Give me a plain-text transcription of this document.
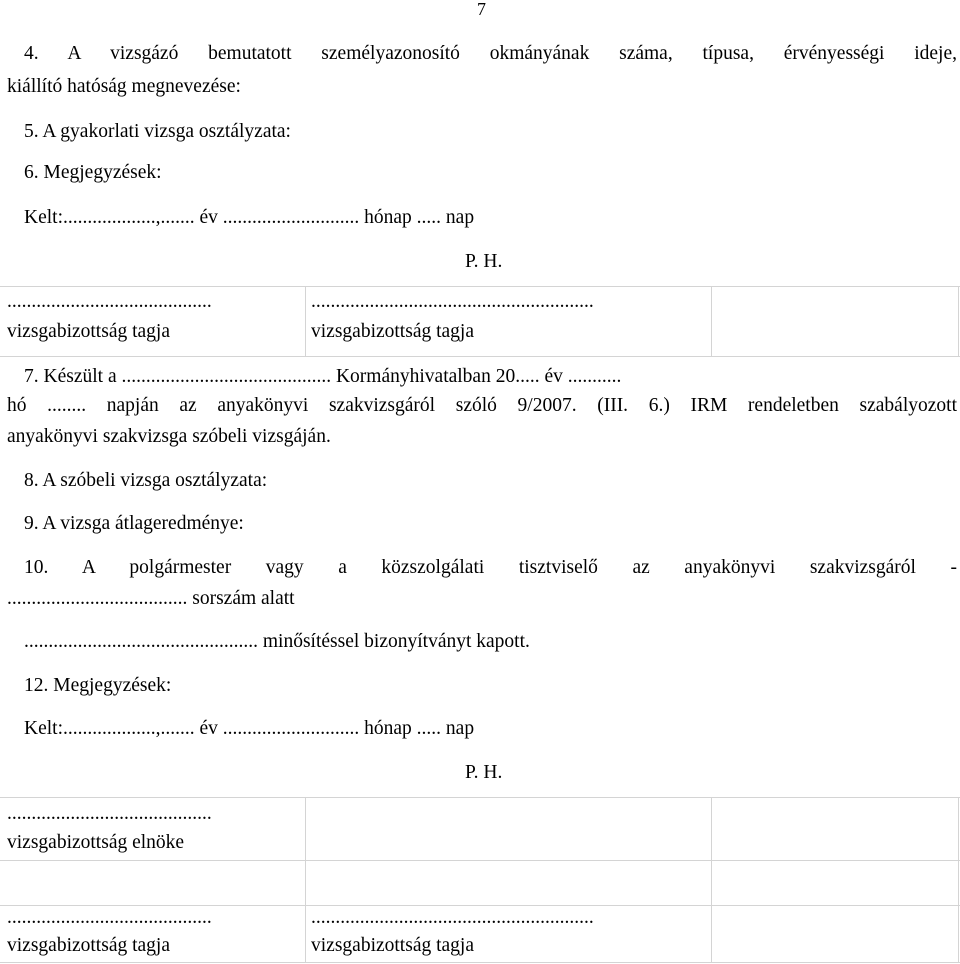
7
4. A vizsgázó bemutatott személyazonosító okmányának száma, típusa, érvényességi ideje,
kiállító hatóság megnevezése:
5. A gyakorlati vizsga osztályzata:
6. Megjegyzések:
Kelt:...................,....... év ............................ hónap ..... nap
P. H.
..........................................
vizsgabizottság tagja
..........................................................
vizsgabizottság tagja
7. Készült a ........................................... Kormányhivatalban 20..... év ...........
hó ........ napján az anyakönyvi szakvizsgáról szóló 9/2007. (III. 6.) IRM rendeletben szabályozott
anyakönyvi szakvizsga szóbeli vizsgáján.
8. A szóbeli vizsga osztályzata:
9. A vizsga átlageredménye:
10. A polgármester vagy a közszolgálati tisztviselő az anyakönyvi szakvizsgáról -
..................................... sorszám alatt
................................................ minősítéssel bizonyítványt kapott.
12. Megjegyzések:
Kelt:...................,....... év ............................ hónap ..... nap
P. H.
..........................................
vizsgabizottság elnöke
..........................................
vizsgabizottság tagja
..........................................................
vizsgabizottság tagja
